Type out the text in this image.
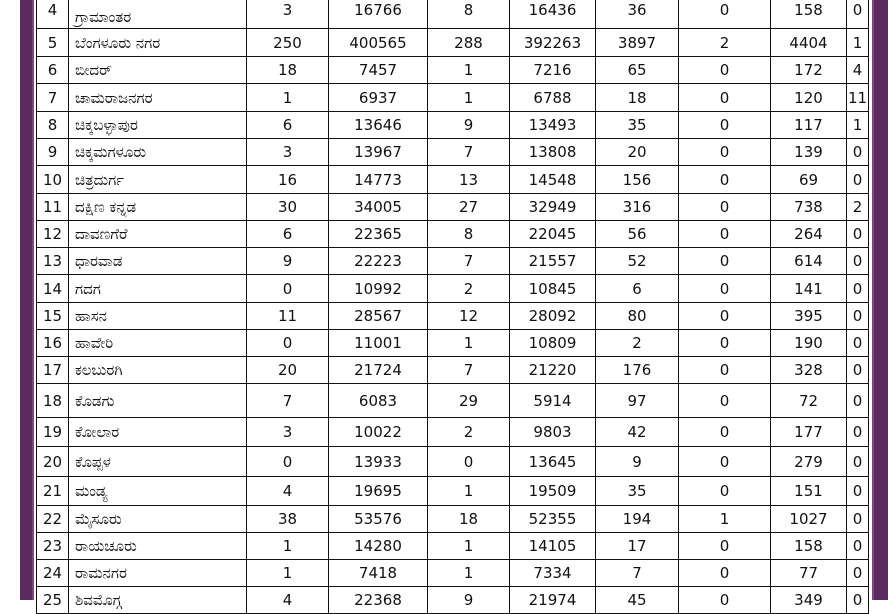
4	ಗ್ರಾಮಾಂತರ	3	16766	8	16436	36	0	158	0
5	ಬೆಂಗಳೂರು ನಗರ	250	400565	288	392263	3897	2	4404	1
6	ಬೀದರ್	18	7457	1	7216	65	0	172	4
7	ಚಾಮರಾಜನಗರ	1	6937	1	6788	18	0	120	11
8	ಚಿಕ್ಕಬಳ್ಳಾಪುರ	6	13646	9	13493	35	0	117	1
9	ಚಿಕ್ಕಮಗಳೂರು	3	13967	7	13808	20	0	139	0
10	ಚಿತ್ರದುರ್ಗ	16	14773	13	14548	156	0	69	0
11	ದಕ್ಷಿಣ ಕನ್ನಡ	30	34005	27	32949	316	0	738	2
12	ದಾವಣಗೆರೆ	6	22365	8	22045	56	0	264	0
13	ಧಾರವಾಡ	9	22223	7	21557	52	0	614	0
14	ಗದಗ	0	10992	2	10845	6	0	141	0
15	ಹಾಸನ	11	28567	12	28092	80	0	395	0
16	ಹಾವೇರಿ	0	11001	1	10809	2	0	190	0
17	ಕಲಬುರಗಿ	20	21724	7	21220	176	0	328	0
18	ಕೊಡಗು	7	6083	29	5914	97	0	72	0
19	ಕೋಲಾರ	3	10022	2	9803	42	0	177	0
20	ಕೊಪ್ಪಳ	0	13933	0	13645	9	0	279	0
21	ಮಂಡ್ಯ	4	19695	1	19509	35	0	151	0
22	ಮೈಸೂರು	38	53576	18	52355	194	1	1027	0
23	ರಾಯಚೂರು	1	14280	1	14105	17	0	158	0
24	ರಾಮನಗರ	1	7418	1	7334	7	0	77	0
25	ಶಿವಮೊಗ್ಗ	4	22368	9	21974	45	0	349	0
